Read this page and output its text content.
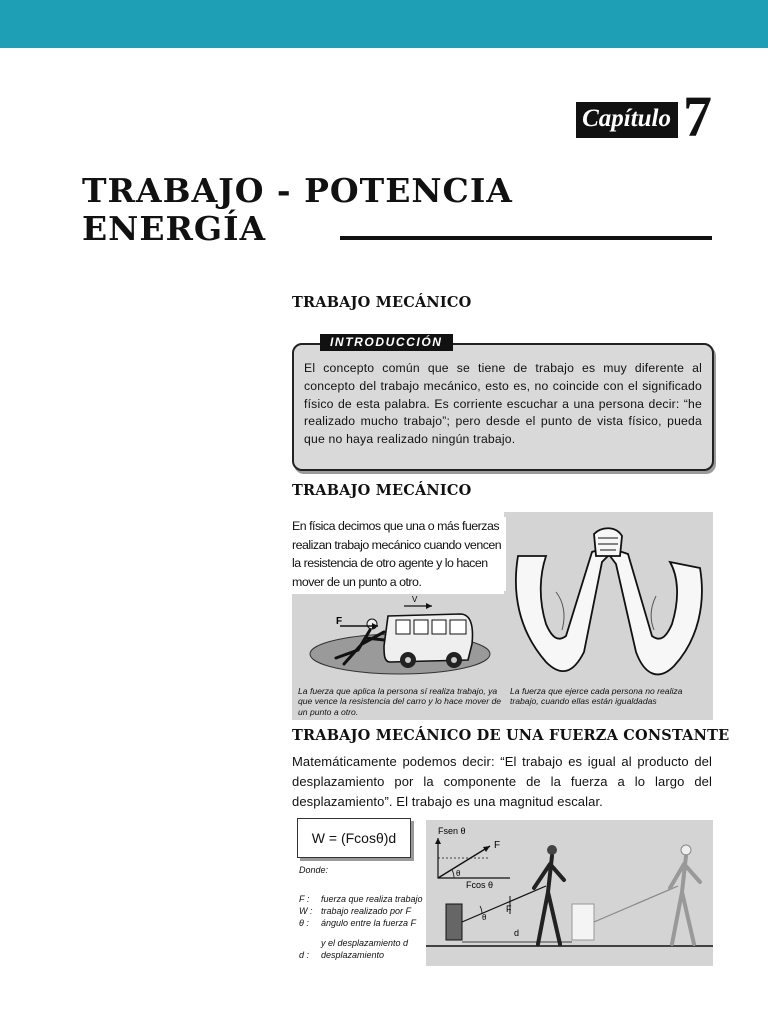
Capítulo 7
TRABAJO - POTENCIA
ENERGÍA
TRABAJO MECÁNICO
INTRODUCCIÓN
El concepto común que se tiene de trabajo es muy diferente al concepto del trabajo mecánico, esto es, no coincide con el significado físico de esta palabra. Es corriente escuchar a una persona decir: “he realizado mucho trabajo”; pero desde el punto de vista físico, pueda que no haya realizado ningún trabajo.
TRABAJO MECÁNICO
F
V
En física decimos que una o más fuerzas realizan trabajo mecánico cuando vencen la resistencia de otro agente y lo hacen mover de un punto a otro.
La fuerza que aplica la persona sí realiza trabajo, ya que vence la resistencia del carro y lo hace mover de un punto a otro.
La fuerza que ejerce cada persona no realiza trabajo, cuando ellas están igualdadas
TRABAJO MECÁNICO DE UNA FUERZA CONSTANTE
Matemáticamente podemos decir: “El trabajo es igual al producto del desplazamiento por la componente de la fuerza a lo largo del desplazamiento”. El trabajo es una magnitud escalar.
W = (Fcosθ)d
Donde:
F :	fuerza que realiza trabajo
W : trabajo realizado por F
θ :	ángulo entre la fuerza F
y el desplazamiento d
d :	desplazamiento
Fsen θ
F
θ
Fcos θ
θ
F
d
